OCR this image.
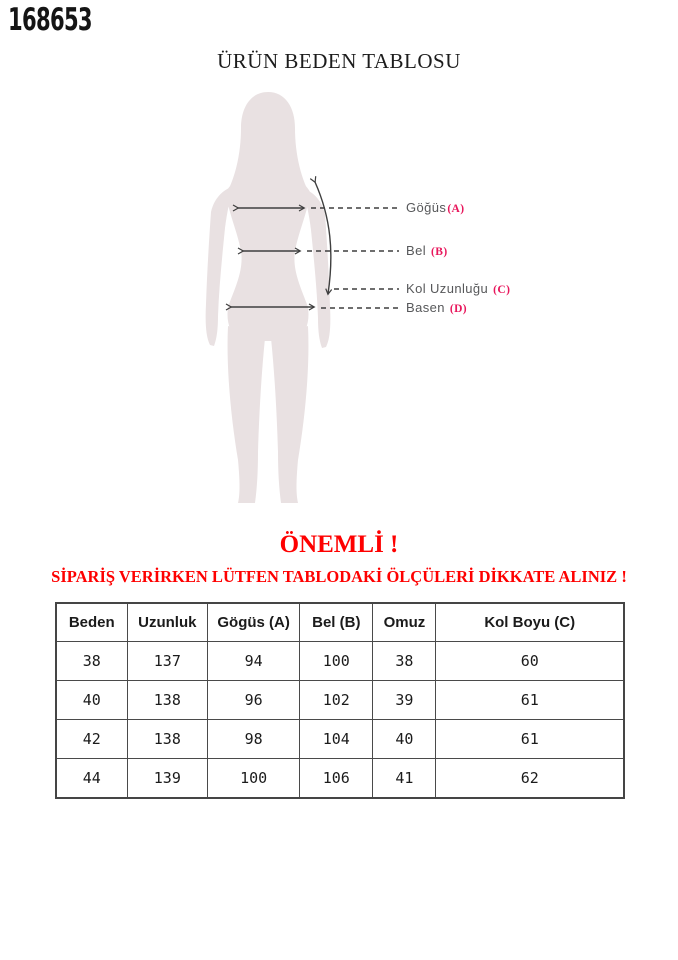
168653
ÜRÜN BEDEN TABLOSU
Göğüs(A)
Bel (B)
Kol Uzunluğu (C)
Basen (D)
ÖNEMLİ !
SİPARİŞ VERİRKEN LÜTFEN TABLODAKİ ÖLÇÜLERİ DİKKATE ALINIZ !
Beden	Uzunluk	Gögüs (A)	Bel (B)	Omuz	Kol Boyu (C)
38	137	94	100	38	60
40	138	96	102	39	61
42	138	98	104	40	61
44	139	100	106	41	62
